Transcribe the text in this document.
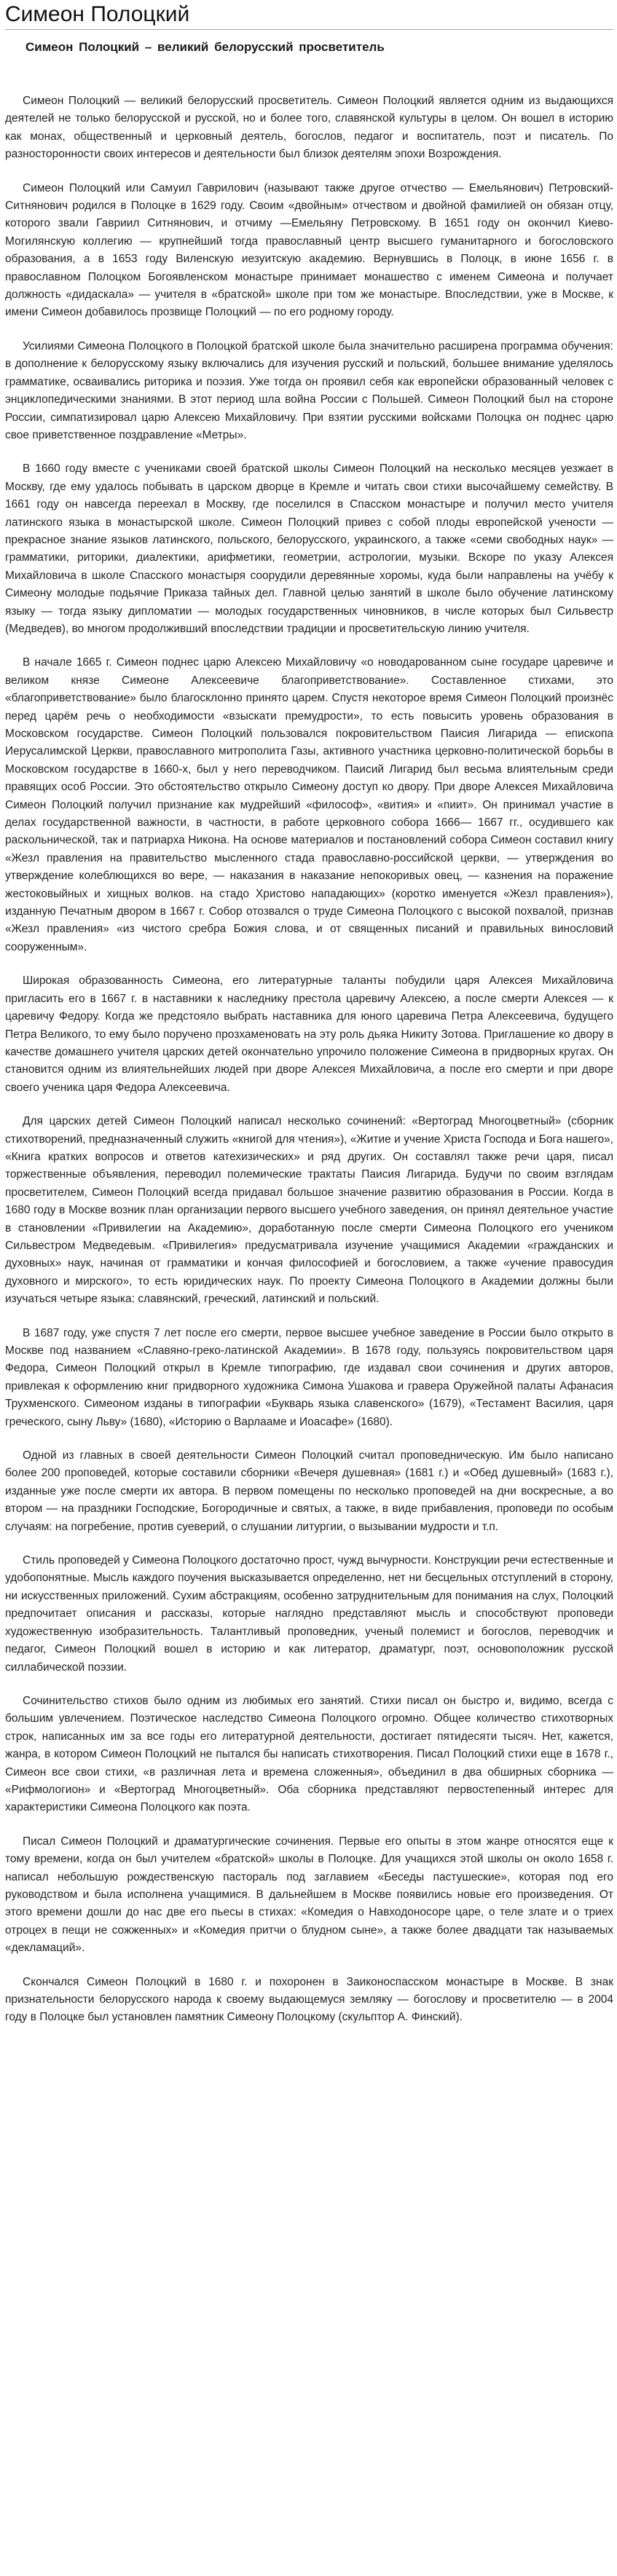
Симеон Полоцкий
Симеон Полоцкий – великий белорусский просветитель

Симеон Полоцкий — великий белорусский просветитель. Симеон Полоцкий является одним из выдающихся деятелей не только белорусской и русской, но и более того, славянской культуры в целом. Он вошел в историю как монах, общественный и церковный деятель, богослов, педагог и воспитатель, поэт и писатель. По разносторонности своих интересов и деятельности был близок деятелям эпохи Возрождения.

Симеон Полоцкий или Самуил Гаврилович (называют также другое отчество — Емельянович) Петровский-Ситнянович родился в Полоцке в 1629 году. Своим «двойным» отчеством и двойной фамилией он обязан отцу, которого звали Гавриил Ситнянович, и отчиму —Емельяну Петровскому. В 1651 году он окончил Киево-Могилянскую коллегию — крупнейший тогда православный центр высшего гуманитарного и богословского образования, а в 1653 году Виленскую иезуитскую академию. Вернувшись в Полоцк, в июне 1656 г. в православном Полоцком Богоявленском монастыре принимает монашество с именем Симеона и получает должность «дидаскала» — учителя в «братской» школе при том же монастыре. Впоследствии, уже в Москве, к имени Симеон добавилось прозвище Полоцкий — по его родному городу.

Усилиями Симеона Полоцкого в Полоцкой братской школе была значительно расширена программа обучения: в дополнение к белорусскому языку включались для изучения русский и польский, большее внимание уделялось грамматике, осваивались риторика и поэзия. Уже тогда он проявил себя как европейски образованный человек с энциклопедическими знаниями. В этот период шла война России с Польшей. Симеон Полоцкий был на стороне России, симпатизировал царю Алексею Михайловичу. При взятии русскими войсками Полоцка он поднес царю свое приветственное поздравление «Метры».

В 1660 году вместе с учениками своей братской школы Симеон Полоцкий на несколько месяцев уезжает в Москву, где ему удалось побывать в царском дворце в Кремле и читать свои стихи высочайшему семейству. В 1661 году он навсегда переехал в Москву, где поселился в Спасском монастыре и получил место учителя латинского языка в монастырской школе. Симеон Полоцкий привез с собой плоды европейской учености — прекрасное знание языков латинского, польского, белорусского, украинского, а также «семи свободных наук» — грамматики, риторики, диалектики, арифметики, геометрии, астрологии, музыки. Вскоре по указу Алексея Михайловича в школе Спасского монастыря соорудили деревянные хоромы, куда были направлены на учёбу к Симеону молодые подьячие Приказа тайных дел. Главной целью занятий в школе было обучение латинскому языку — тогда языку дипломатии — молодых государственных чиновников, в числе которых был Сильвестр (Медведев), во многом продолживший впоследствии традиции и просветительскую линию учителя.

В начале 1665 г. Симеон поднес царю Алексею Михайловичу «о новодарованном сыне государе царевиче и великом князе Симеоне Алексеевиче благоприветствование». Составленное стихами, это «благоприветствование» было благосклонно принято царем. Спустя некоторое время Симеон Полоцкий произнёс перед царём речь о необходимости «взыскати премудрости», то есть повысить уровень образования в Московском государстве. Симеон Полоцкий пользовался покровительством Паисия Лигарида — епископа Иерусалимской Церкви, православного митрополита Газы, активного участника церковно-политической борьбы в Московском государстве в 1660-х, был у него переводчиком. Паисий Лигарид был весьма влиятельным среди правящих особ России. Это обстоятельство открыло Симеону доступ ко двору. При дворе Алексея Михайловича Симеон Полоцкий получил признание как мудрейший «философ», «вития» и «пиит». Он принимал участие в делах государственной важности, в частности, в работе церковного собора 1666— 1667 гг., осудившего как раскольнической, так и патриарха Никона. На основе материалов и постановлений собора Симеон составил книгу «Жезл правления на правительство мысленного стада православно-российской церкви, — утверждения во утверждение колеблющихся во вере, — наказания в наказание непокоривых овец, — казнения на поражение жестоковыйных и хищных волков. на стадо Христово нападающих» (коротко именуется «Жезл правления»), изданную Печатным двором в 1667 г. Собор отозвался о труде Симеона Полоцкого с высокой похвалой, признав «Жезл правления» «из чистого сребра Божия слова, и от священных писаний и правильных винословий сооруженным».

Широкая образованность Симеона, его литературные таланты побудили царя Алексея Михайловича пригласить его в 1667 г. в наставники к наследнику престола царевичу Алексею, а после смерти Алексея — к царевичу Федору. Когда же предстояло выбрать наставника для юного царевича Петра Алексеевича, будущего Петра Великого, то ему было поручено прозхаменовать на эту роль дьяка Никиту Зотова. Приглашение ко двору в качестве домашнего учителя царских детей окончательно упрочило положение Симеона в придворных кругах. Он становится одним из влиятельнейших людей при дворе Алексея Михайловича, а после его смерти и при дворе своего ученика царя Федора Алексеевича.

Для царских детей Симеон Полоцкий написал несколько сочинений: «Вертоград Многоцветный» (сборник стихотворений, предназначенный служить «книгой для чтения»), «Житие и учение Христа Господа и Бога нашего», «Книга кратких вопросов и ответов катехизических» и ряд других. Он составлял также речи царя, писал торжественные объявления, переводил полемические трактаты Паисия Лигарида. Будучи по своим взглядам просветителем, Симеон Полоцкий всегда придавал большое значение развитию образования в России. Когда в 1680 году в Москве возник план организации первого высшего учебного заведения, он принял деятельное участие в становлении «Привилегии на Академию», доработанную после смерти Симеона Полоцкого его учеником Сильвестром Медведевым. «Привилегия» предусматривала изучение учащимися Академии «гражданских и духовных» наук, начиная от грамматики и кончая философией и богословием, а также «учение правосудия духовного и мирского», то есть юридических наук. По проекту Симеона Полоцкого в Академии должны были изучаться четыре языка: славянский, греческий, латинский и польский.

В 1687 году, уже спустя 7 лет после его смерти, первое высшее учебное заведение в России было открыто в Москве под названием «Славяно-греко-латинской Академии». В 1678 году, пользуясь покровительством царя Федора, Симеон Полоцкий открыл в Кремле типографию, где издавал свои сочинения и других авторов, привлекая к оформлению книг придворного художника Симона Ушакова и гравера Оружейной палаты Афанасия Трухменского. Симеоном изданы в типографии «Букварь языка славенского» (1679), «Тестамент Василия, царя греческого, сыну Льву» (1680), «Историю о Варлааме и Иоасафе» (1680).

Одной из главных в своей деятельности Симеон Полоцкий считал проповедническую. Им было написано более 200 проповедей, которые составили сборники «Вечеря душевная» (1681 г.) и «Обед душевный» (1683 г.), изданные уже после смерти их автора. В первом помещены по несколько проповедей на дни воскресные, а во втором — на праздники Господские, Богородичные и святых, а также, в виде прибавления, проповеди по особым случаям: на погребение, против суеверий, о слушании литургии, о вызывании мудрости и т.п.

Стиль проповедей у Симеона Полоцкого достаточно прост, чужд вычурности. Конструкции речи естественные и удобопонятные. Мысль каждого поучения высказывается определенно, нет ни бесцельных отступлений в сторону, ни искусственных приложений. Сухим абстракциям, особенно затруднительным для понимания на слух, Полоцкий предпочитает описания и рассказы, которые наглядно представляют мысль и способствуют проповеди художественную изобразительность. Талантливый проповедник, ученый полемист и богослов, переводчик и педагог, Симеон Полоцкий вошел в историю и как литератор, драматург, поэт, основоположник русской силлабической поэзии.

Сочинительство стихов было одним из любимых его занятий. Стихи писал он быстро и, видимо, всегда с большим увлечением. Поэтическое наследство Симеона Полоцкого огромно. Общее количество стихотворных строк, написанных им за все годы его литературной деятельности, достигает пятидесяти тысяч. Нет, кажется, жанра, в котором Симеон Полоцкий не пытался бы написать стихотворения. Писал Полоцкий стихи еще в 1678 г., Симеон все свои стихи, «в различная лета и времена сложенныя», объединил в два обширных сборника — «Рифмологион» и «Вертоград Многоцветный». Оба сборника представляют первостепенный интерес для характеристики Симеона Полоцкого как поэта.

Писал Симеон Полоцкий и драматургические сочинения. Первые его опыты в этом жанре относятся еще к тому времени, когда он был учителем «братской» школы в Полоцке. Для учащихся этой школы он около 1658 г. написал небольшую рождественскую пастораль под заглавием «Беседы пастушеские», которая под его руководством и была исполнена учащимися. В дальнейшем в Москве появились новые его произведения. От этого времени дошли до нас две его пьесы в стихах: «Комедия о Навходоносоре царе, о теле злате и о триех отроцех в пещи не сожженных» и «Комедия притчи о блудном сыне», а также более двадцати так называемых «декламаций».

Скончался Симеон Полоцкий в 1680 г. и похоронен в Заиконоспасском монастыре в Москве. В знак признательности белорусского народа к своему выдающемуся земляку — богослову и просветителю — в 2004 году в Полоцке был установлен памятник Симеону Полоцкому (скульптор А. Финский).
